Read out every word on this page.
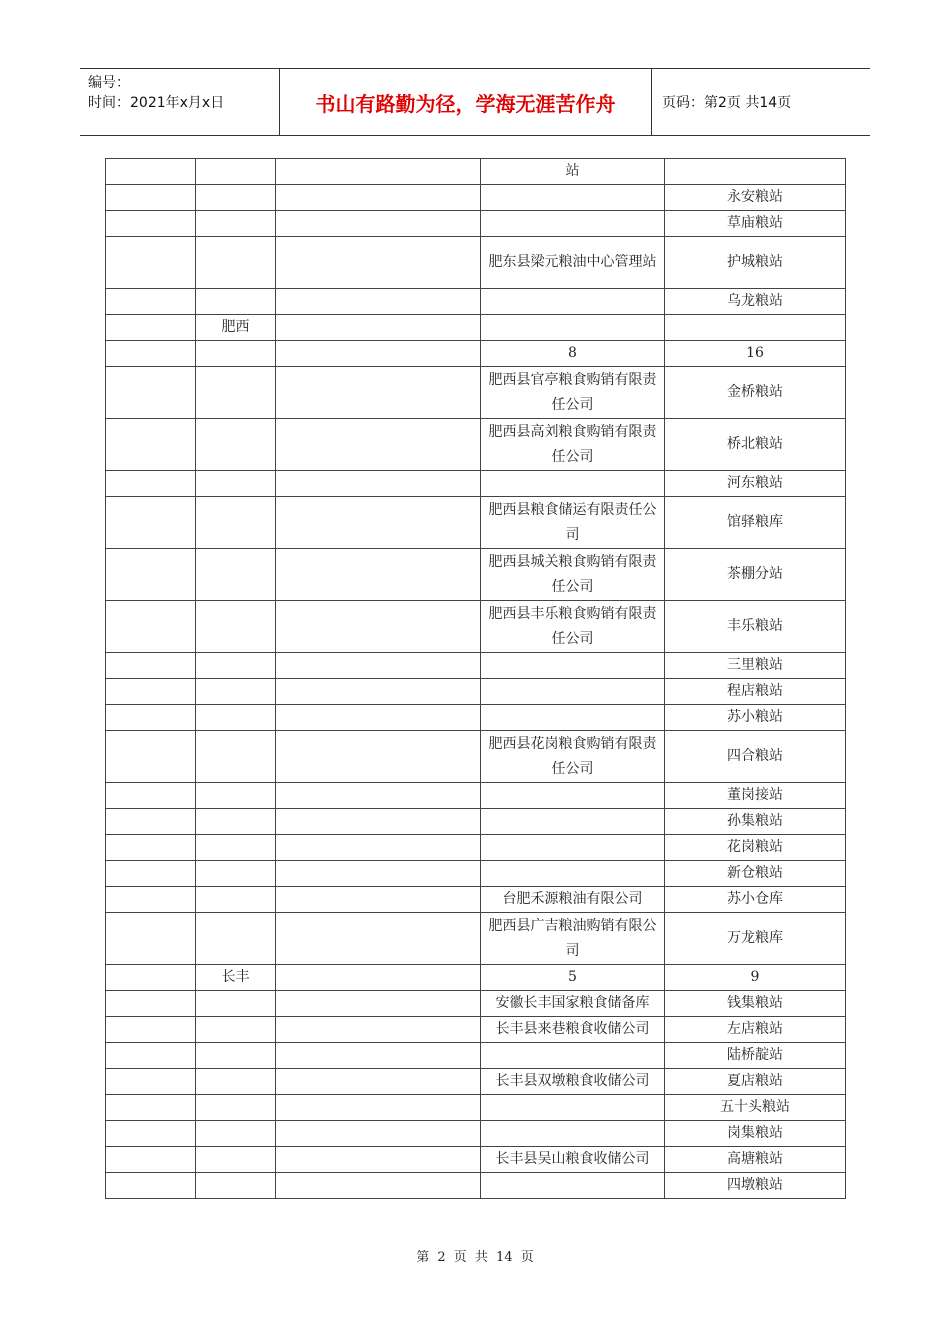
编号：
时间：2021年x月x日	书山有路勤为径，学海无涯苦作舟	页码：第2页 共14页
			站	
				永安粮站
				草庙粮站
			肥东县梁元粮油中心管理站	护城粮站
				乌龙粮站
	肥西			
			8	16
			肥西县官亭粮食购销有限责任公司	金桥粮站
			肥西县高刘粮食购销有限责任公司	桥北粮站
				河东粮站
			肥西县粮食储运有限责任公司	馆驿粮库
			肥西县城关粮食购销有限责任公司	茶棚分站
			肥西县丰乐粮食购销有限责任公司	丰乐粮站
				三里粮站
				程店粮站
				苏小粮站
			肥西县花岗粮食购销有限责任公司	四合粮站
				董岗接站
				孙集粮站
				花岗粮站
				新仓粮站
			台肥禾源粮油有限公司	苏小仓库
			肥西县广吉粮油购销有限公司	万龙粮库
	长丰		5	9
			安徽长丰国家粮食储备库	钱集粮站
			长丰县来巷粮食收储公司	左店粮站
				陆桥靛站
			长丰县双墩粮食收储公司	夏店粮站
				五十头粮站
				岗集粮站
			长丰县吴山粮食收储公司	高塘粮站
				四墩粮站
第 2 页 共 14 页
